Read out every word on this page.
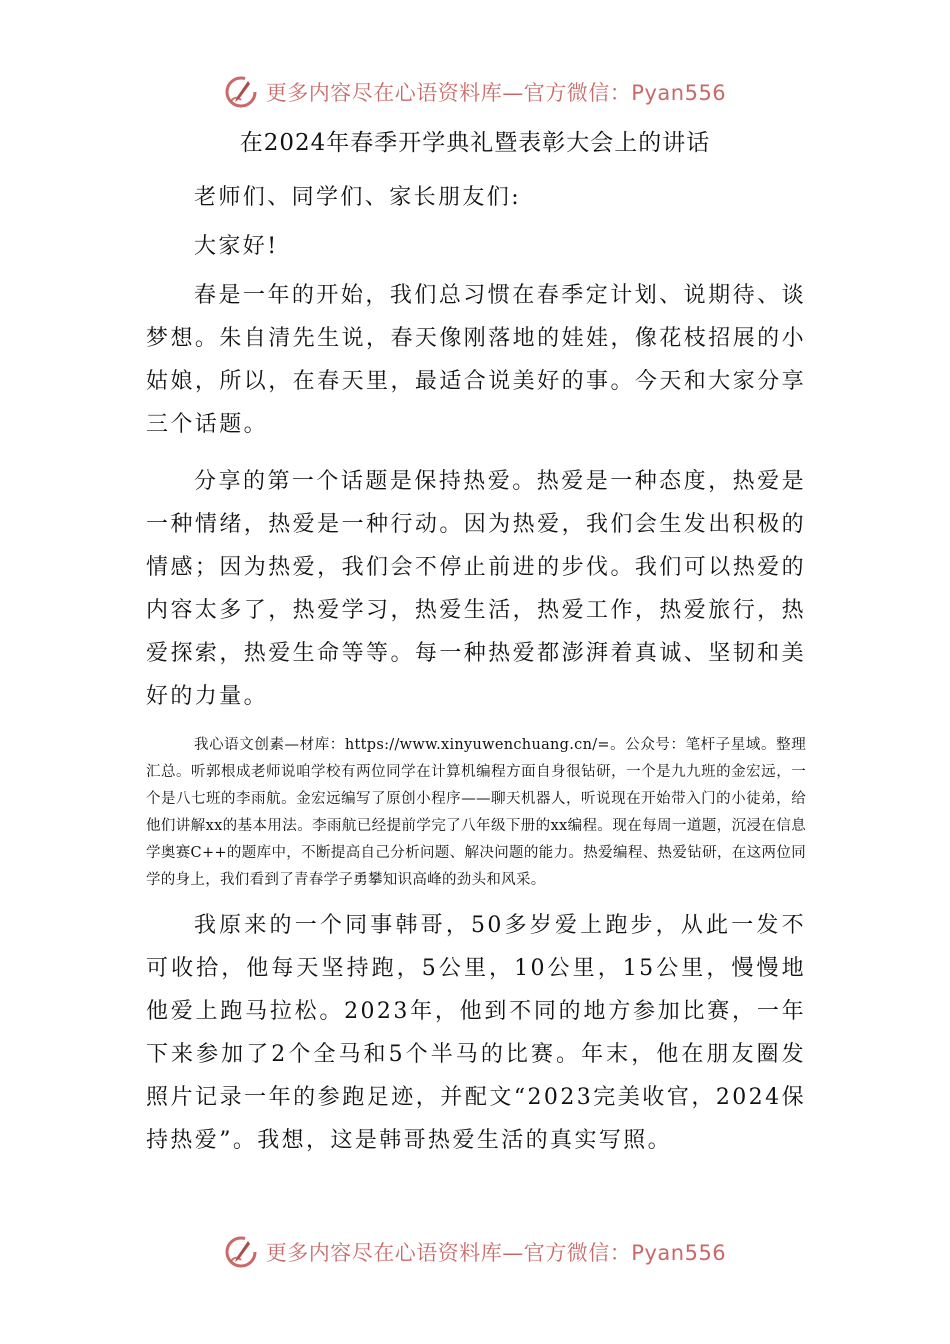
更多内容尽在心语资料库—官方微信：Pyan556
在2024年春季开学典礼暨表彰大会上的讲话

老师们、同学们、家长朋友们:

大家好!

春是一年的开始，我们总习惯在春季定计划、说期待、谈梦想。朱自清先生说，春天像刚落地的娃娃，像花枝招展的小姑娘，所以，在春天里，最适合说美好的事。今天和大家分享三个话题。

分享的第一个话题是保持热爱。热爱是一种态度，热爱是一种情绪，热爱是一种行动。因为热爱，我们会生发出积极的情感；因为热爱，我们会不停止前进的步伐。我们可以热爱的内容太多了，热爱学习，热爱生活，热爱工作，热爱旅行，热爱探索，热爱生命等等。每一种热爱都澎湃着真诚、坚韧和美好的力量。

我心语文创素—材库：https://www.xinyuwenchuang.cn/=。公众号：笔杆子星域。整理汇总。听郭根成老师说咱学校有两位同学在计算机编程方面自身很钻研，一个是九九班的金宏远，一个是八七班的李雨航。金宏远编写了原创小程序——聊天机器人，听说现在开始带入门的小徒弟，给他们讲解xx的基本用法。李雨航已经提前学完了八年级下册的xx编程。现在每周一道题，沉浸在信息学奥赛C++的题库中，不断提高自己分析问题、解决问题的能力。热爱编程、热爱钻研，在这两位同学的身上，我们看到了青春学子勇攀知识高峰的劲头和风采。

我原来的一个同事韩哥，50多岁爱上跑步，从此一发不可收拾，他每天坚持跑，5公里，10公里，15公里，慢慢地他爱上跑马拉松。2023年，他到不同的地方参加比赛，一年下来参加了2个全马和5个半马的比赛。年末，他在朋友圈发照片记录一年的参跑足迹，并配文“2023完美收官，2024保持热爱”。我想，这是韩哥热爱生活的真实写照。

更多内容尽在心语资料库—官方微信：Pyan556
